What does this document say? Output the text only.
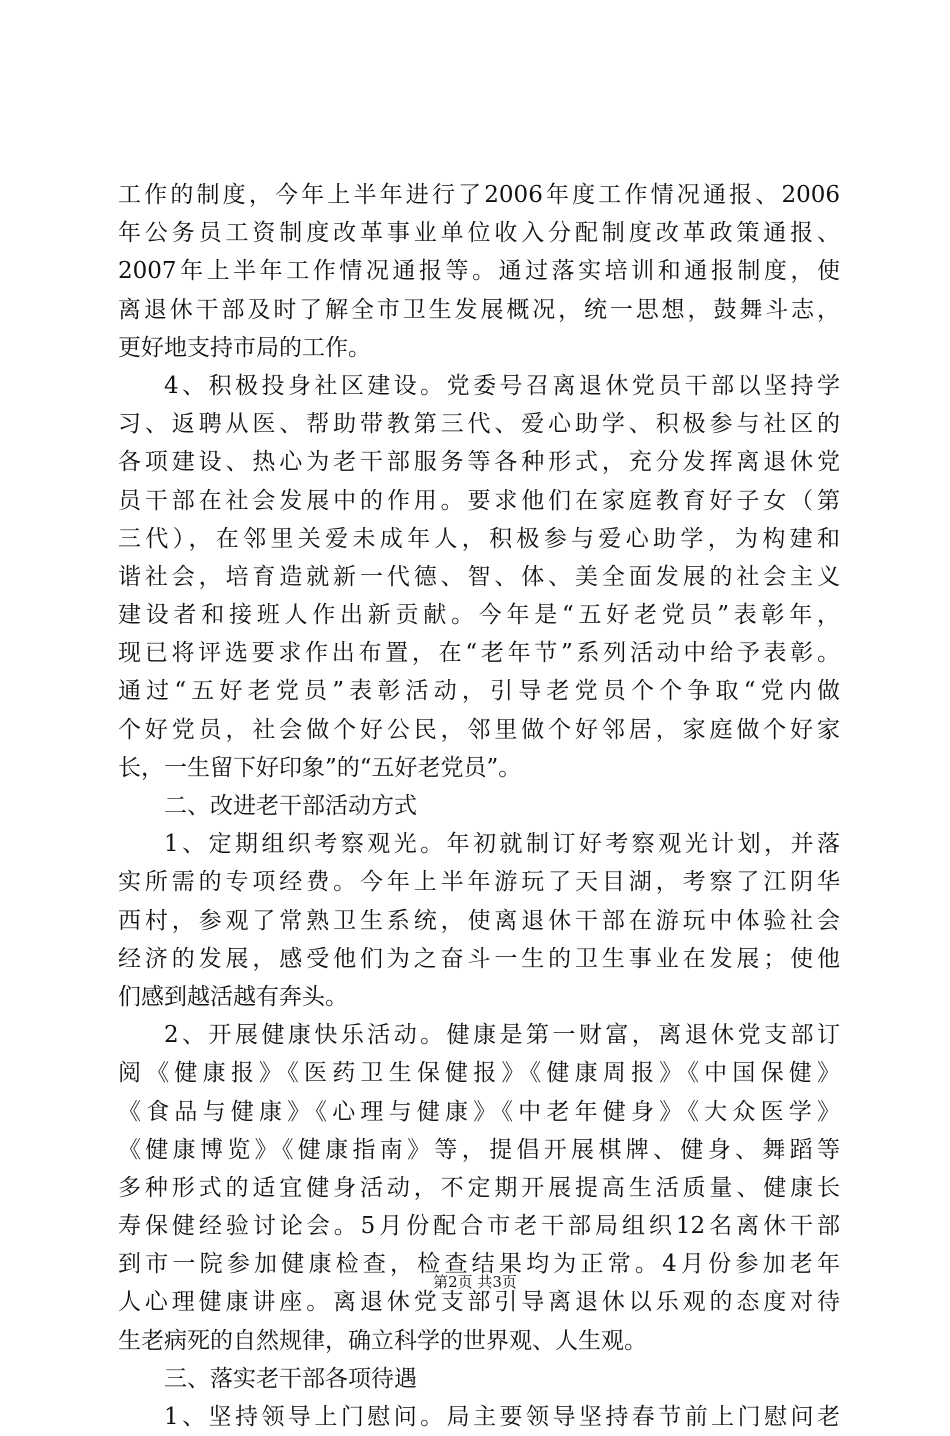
工作的制度，今年上半年进行了2006年度工作情况通报、2006
年公务员工资制度改革事业单位收入分配制度改革政策通报、
2007年上半年工作情况通报等。通过落实培训和通报制度，使
离退休干部及时了解全市卫生发展概况，统一思想，鼓舞斗志，
更好地支持市局的工作。
4、积极投身社区建设。党委号召离退休党员干部以坚持学
习、返聘从医、帮助带教第三代、爱心助学、积极参与社区的
各项建设、热心为老干部服务等各种形式，充分发挥离退休党
员干部在社会发展中的作用。要求他们在家庭教育好子女（第
三代），在邻里关爱未成年人，积极参与爱心助学，为构建和
谐社会，培育造就新一代德、智、体、美全面发展的社会主义
建设者和接班人作出新贡献。今年是“五好老党员”表彰年，
现已将评选要求作出布置，在“老年节”系列活动中给予表彰。
通过“五好老党员”表彰活动，引导老党员个个争取“党内做
个好党员，社会做个好公民，邻里做个好邻居，家庭做个好家
长，一生留下好印象”的“五好老党员”。
二、改进老干部活动方式
1、定期组织考察观光。年初就制订好考察观光计划，并落
实所需的专项经费。今年上半年游玩了天目湖，考察了江阴华
西村，参观了常熟卫生系统，使离退休干部在游玩中体验社会
经济的发展，感受他们为之奋斗一生的卫生事业在发展；使他
们感到越活越有奔头。
2、开展健康快乐活动。健康是第一财富，离退休党支部订
阅《健康报》《医药卫生保健报》《健康周报》《中国保健》
《食品与健康》《心理与健康》《中老年健身》《大众医学》
《健康博览》《健康指南》等，提倡开展棋牌、健身、舞蹈等
多种形式的适宜健身活动，不定期开展提高生活质量、健康长
寿保健经验讨论会。5月份配合市老干部局组织12名离休干部
到市一院参加健康检查，检查结果均为正常。4月份参加老年
人心理健康讲座。离退休党支部引导离退休以乐观的态度对待
生老病死的自然规律，确立科学的世界观、人生观。
三、落实老干部各项待遇
1、坚持领导上门慰问。局主要领导坚持春节前上门慰问老
第2页 共3页
